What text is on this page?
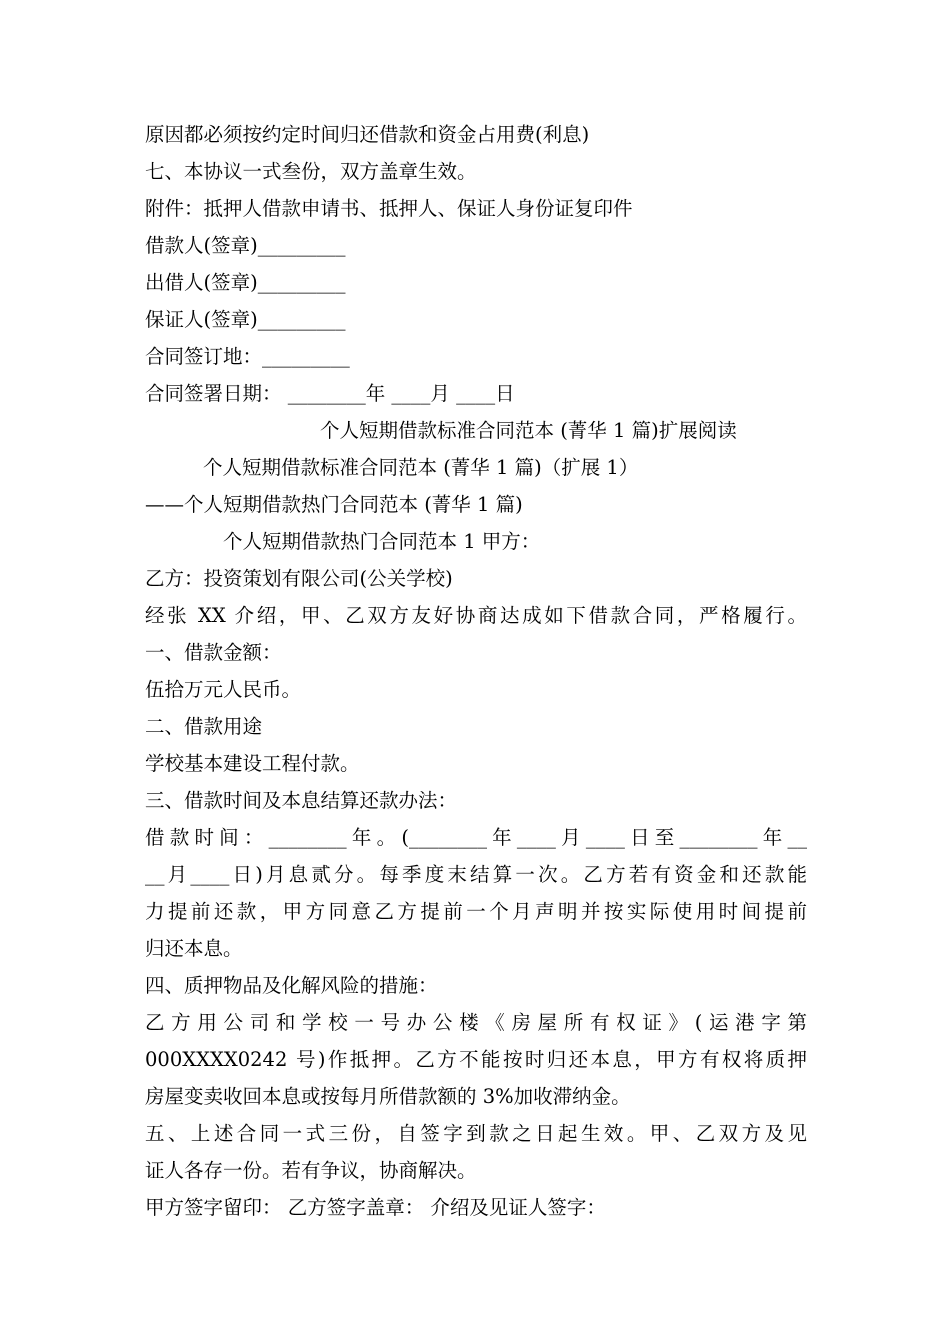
原因都必须按约定时间归还借款和资金占用费(利息)

七、本协议一式叁份，双方盖章生效。

附件：抵押人借款申请书、抵押人、保证人身份证复印件

借款人(签章)_________

出借人(签章)_________

保证人(签章)_________

合同签订地：_________

合同签署日期： ________年 ____月 ____日

个人短期借款标准合同范本 (菁华 1 篇)扩展阅读

个人短期借款标准合同范本 (菁华 1 篇)（扩展 1）

——个人短期借款热门合同范本 (菁华 1 篇)

个人短期借款热门合同范本 1 甲方：

乙方：投资策划有限公司(公关学校)

经张 XX 介绍，甲、乙双方友好协商达成如下借款合同，严格履行。

一、借款金额：

伍拾万元人民币。

二、借款用途

学校基本建设工程付款。

三、借款时间及本息结算还款办法：

借款时间：________年。(________年____月____日至________年__

__月____日)月息贰分。每季度末结算一次。乙方若有资金和还款能

力提前还款，甲方同意乙方提前一个月声明并按实际使用时间提前

归还本息。

四、质押物品及化解风险的措施：

乙方用公司和学校一号办公楼《房屋所有权证》(运港字第

000XXXX0242 号)作抵押。乙方不能按时归还本息，甲方有权将质押

房屋变卖收回本息或按每月所借款额的 3%加收滞纳金。

五、上述合同一式三份，自签字到款之日起生效。甲、乙双方及见

证人各存一份。若有争议，协商解决。

甲方签字留印： 乙方签字盖章： 介绍及见证人签字：
